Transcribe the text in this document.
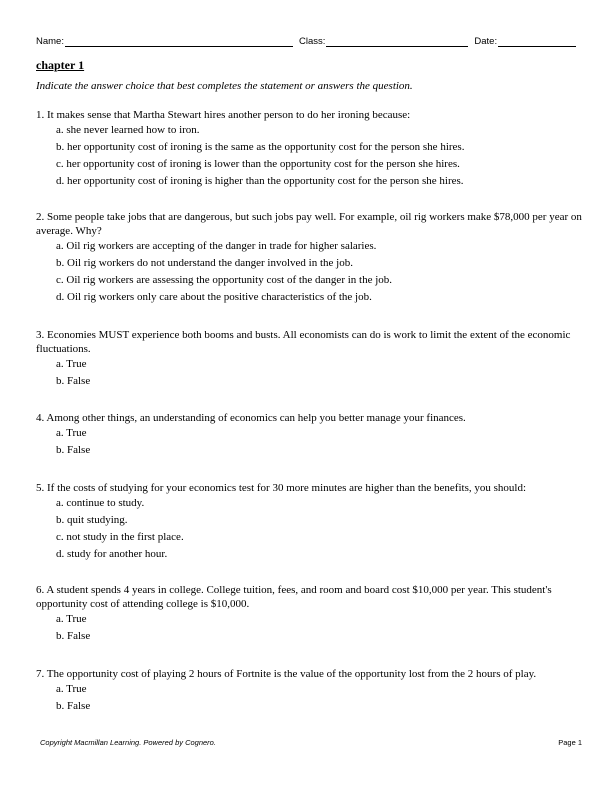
Name:	Class:	Date:
chapter 1
Indicate the answer choice that best completes the statement or answers the question.

1. It makes sense that Martha Stewart hires another person to do her ironing because:

a. she never learned how to iron.

b. her opportunity cost of ironing is the same as the opportunity cost for the person she hires.

c. her opportunity cost of ironing is lower than the opportunity cost for the person she hires.

d. her opportunity cost of ironing is higher than the opportunity cost for the person she hires.

2. Some people take jobs that are dangerous, but such jobs pay well. For example, oil rig workers make $78,000 per year on average. Why?

a. Oil rig workers are accepting of the danger in trade for higher salaries.

b. Oil rig workers do not understand the danger involved in the job.

c. Oil rig workers are assessing the opportunity cost of the danger in the job.

d. Oil rig workers only care about the positive characteristics of the job.

3. Economies MUST experience both booms and busts. All economists can do is work to limit the extent of the economic fluctuations.

a. True

b. False

4. Among other things, an understanding of economics can help you better manage your finances.

a. True

b. False

5. If the costs of studying for your economics test for 30 more minutes are higher than the benefits, you should:

a. continue to study.

b. quit studying.

c. not study in the first place.

d. study for another hour.

6. A student spends 4 years in college. College tuition, fees, and room and board cost $10,000 per year. This student's opportunity cost of attending college is $10,000.

a. True

b. False

7. The opportunity cost of playing 2 hours of Fortnite is the value of the opportunity lost from the 2 hours of play.

a. True

b. False

Copyright Macmillan Learning. Powered by Cognero.	Page 1
